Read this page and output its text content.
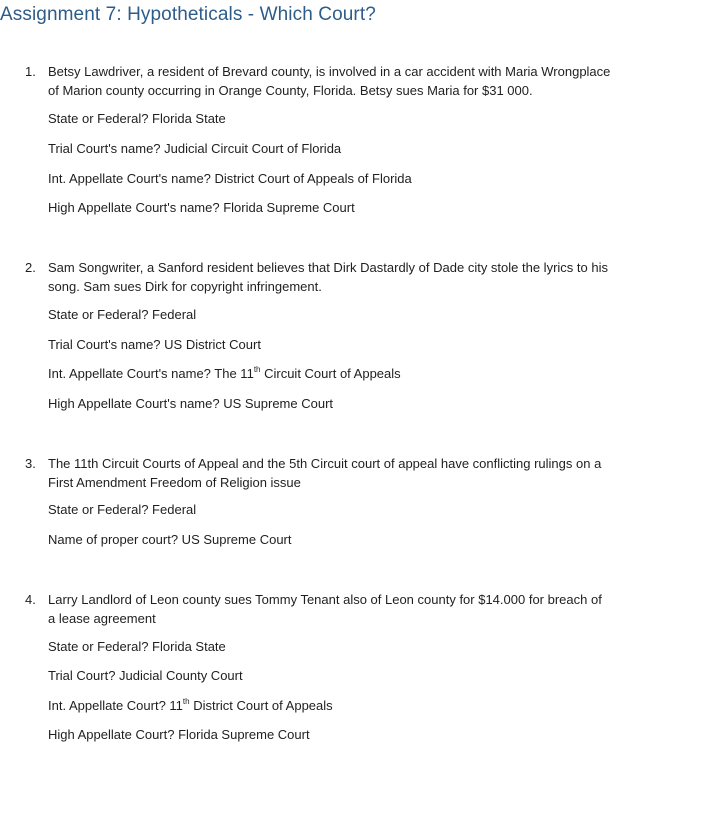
Assignment 7: Hypotheticals - Which Court?
1. Betsy Lawdriver, a resident of Brevard county, is involved in a car accident with Maria Wrongplace
of Marion county occurring in Orange County, Florida. Betsy sues Maria for $31 000.
State or Federal? Florida State
Trial Court's name? Judicial Circuit Court of Florida
Int. Appellate Court's name? District Court of Appeals of Florida
High Appellate Court's name? Florida Supreme Court
2. Sam Songwriter, a Sanford resident believes that Dirk Dastardly of Dade city stole the lyrics to his
song. Sam sues Dirk for copyright infringement.
State or Federal? Federal
Trial Court's name? US District Court
Int. Appellate Court's name? The 11th Circuit Court of Appeals
High Appellate Court's name? US Supreme Court
3. The 11th Circuit Courts of Appeal and the 5th Circuit court of appeal have conflicting rulings on a
First Amendment Freedom of Religion issue
State or Federal? Federal
Name of proper court? US Supreme Court
4. Larry Landlord of Leon county sues Tommy Tenant also of Leon county for $14.000 for breach of
a lease agreement
State or Federal? Florida State
Trial Court? Judicial County Court
Int. Appellate Court? 11th District Court of Appeals
High Appellate Court? Florida Supreme Court
